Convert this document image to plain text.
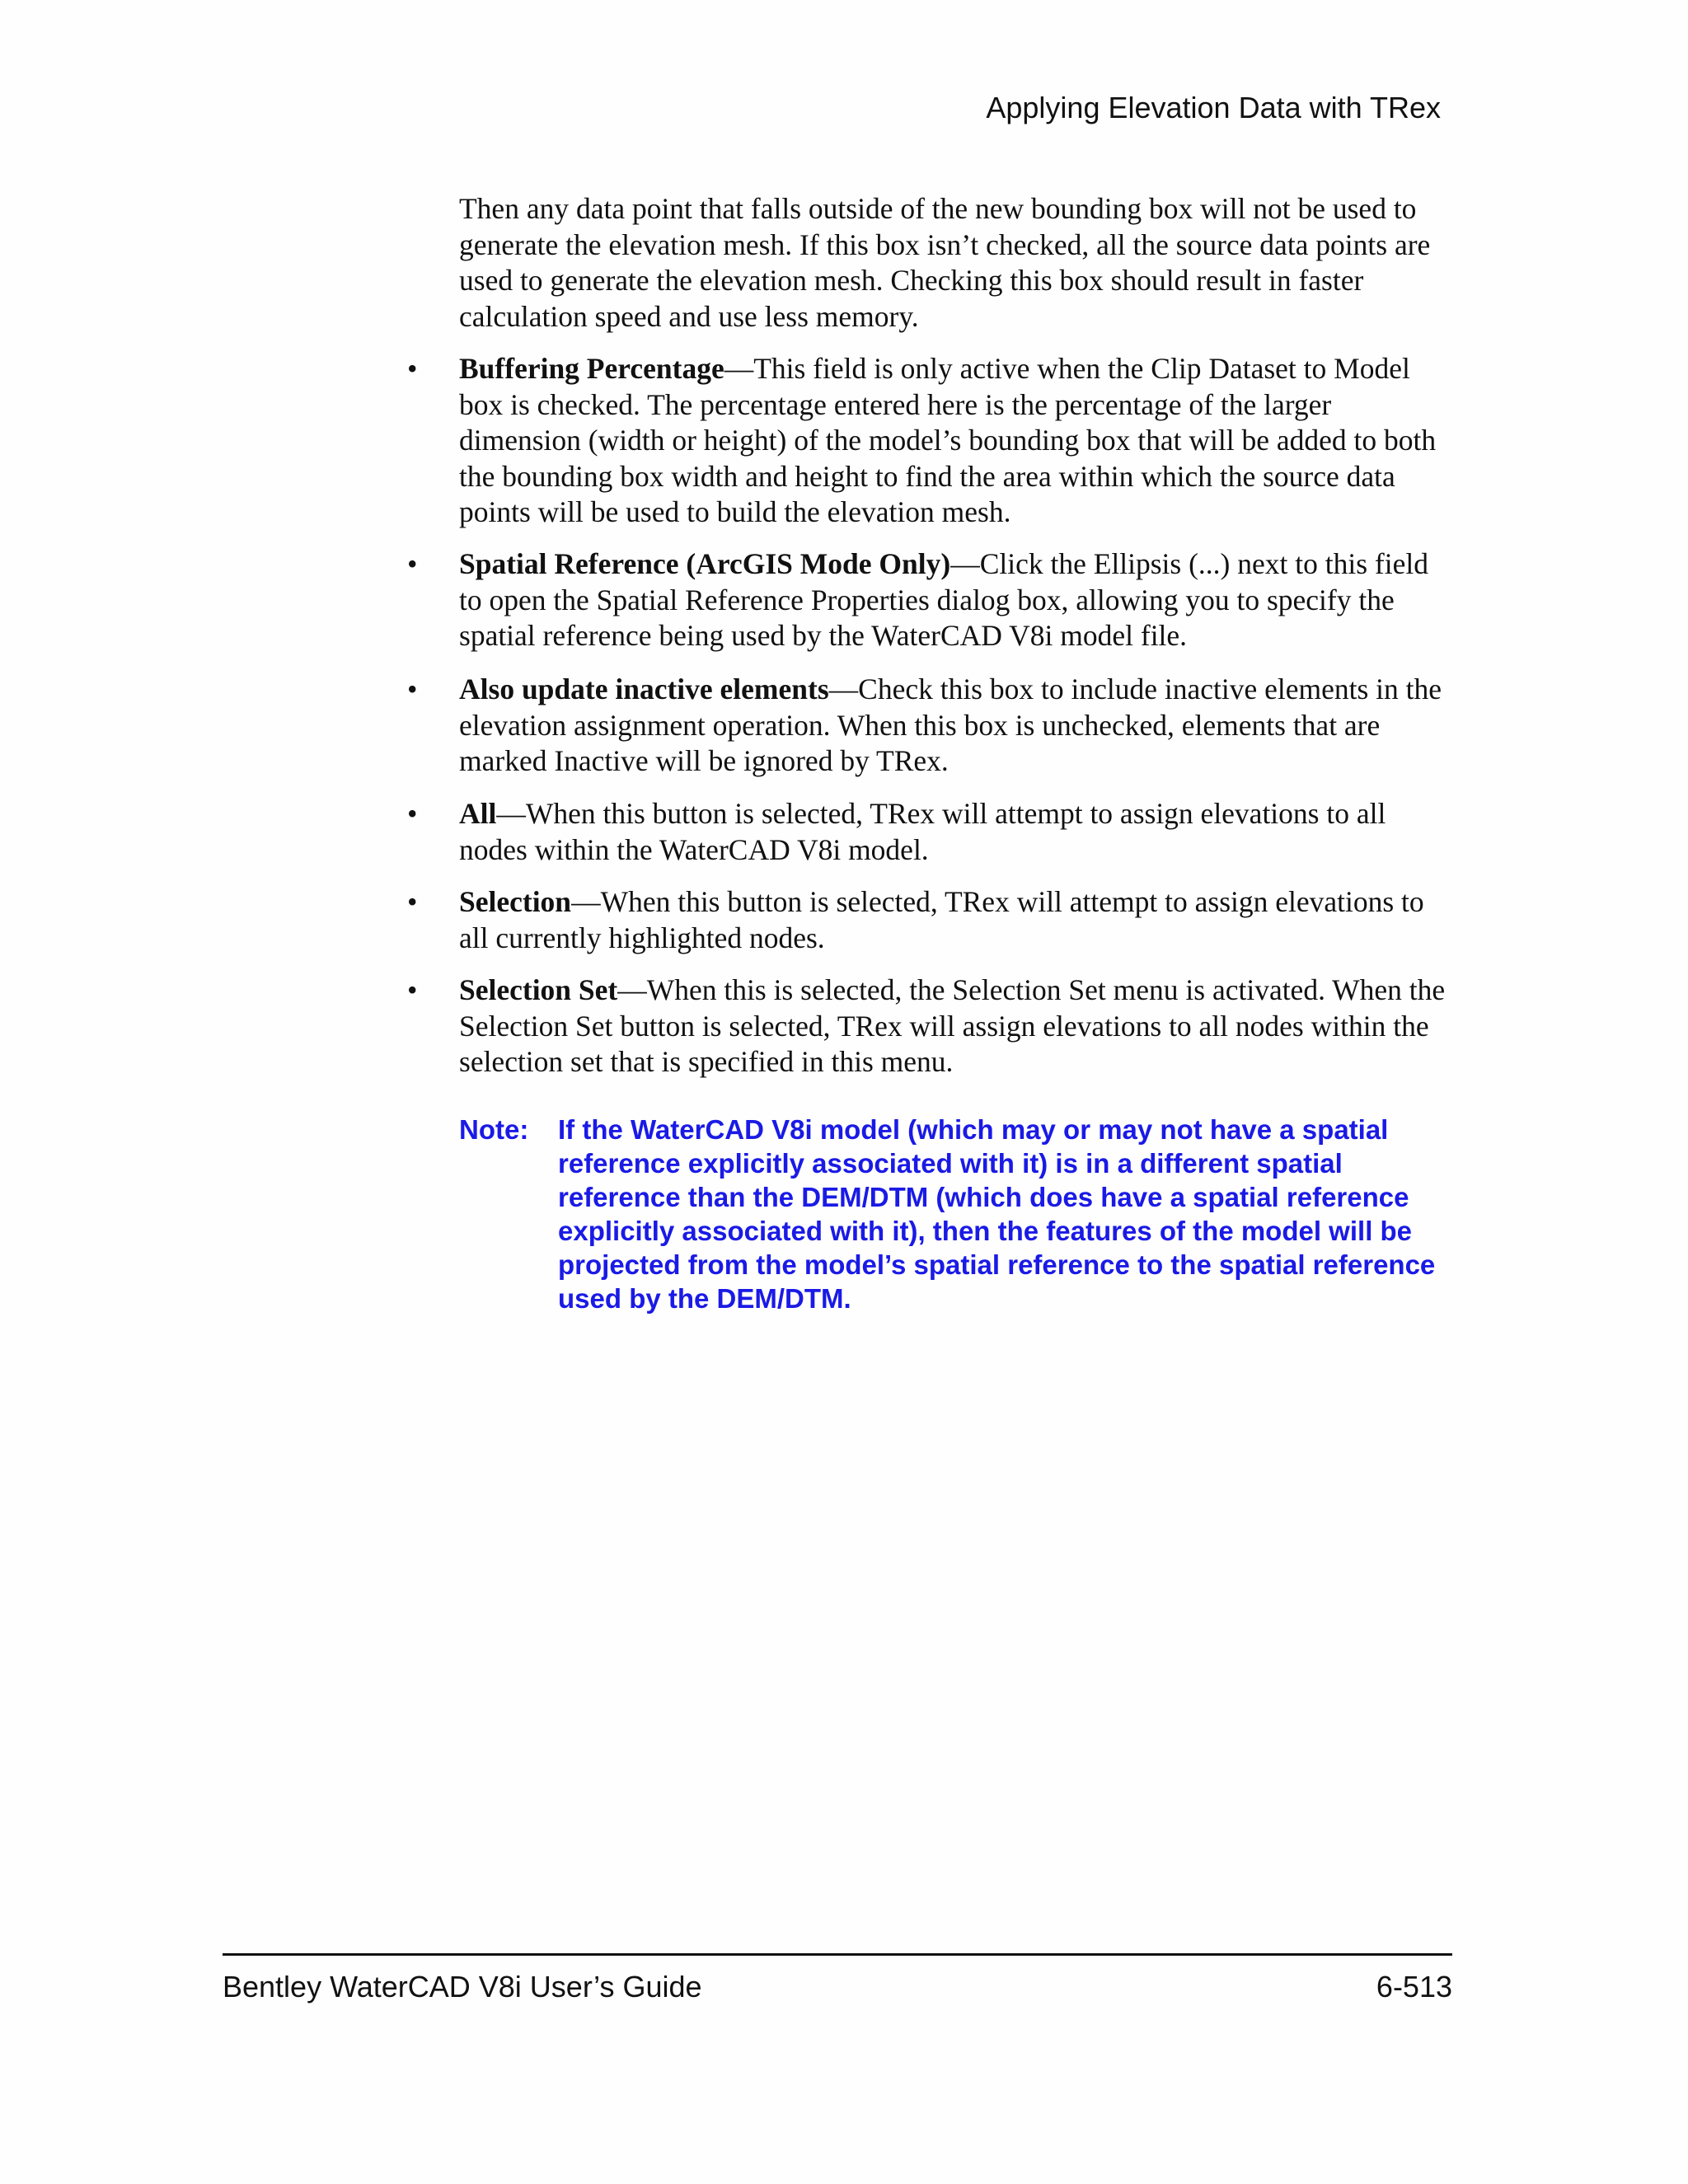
Applying Elevation Data with TRex
Then any data point that falls outside of the new bounding box will not be used to generate the elevation mesh. If this box isn’t checked, all the source data points are used to generate the elevation mesh. Checking this box should result in faster calculation speed and use less memory.
• Buffering Percentage—This field is only active when the Clip Dataset to Model box is checked. The percentage entered here is the percentage of the larger dimension (width or height) of the model’s bounding box that will be added to both the bounding box width and height to find the area within which the source data points will be used to build the elevation mesh.
• Spatial Reference (ArcGIS Mode Only)—Click the Ellipsis (...) next to this field to open the Spatial Reference Properties dialog box, allowing you to specify the spatial reference being used by the WaterCAD V8i model file.
• Also update inactive elements—Check this box to include inactive elements in the elevation assignment operation. When this box is unchecked, elements that are marked Inactive will be ignored by TRex.
• All—When this button is selected, TRex will attempt to assign elevations to all nodes within the WaterCAD V8i model.
• Selection—When this button is selected, TRex will attempt to assign elevations to all currently highlighted nodes.
• Selection Set—When this is selected, the Selection Set menu is activated. When the Selection Set button is selected, TRex will assign elevations to all nodes within the selection set that is specified in this menu.
Note: If the WaterCAD V8i model (which may or may not have a spatial reference explicitly associated with it) is in a different spatial reference than the DEM/DTM (which does have a spatial reference explicitly associated with it), then the features of the model will be projected from the model’s spatial reference to the spatial reference used by the DEM/DTM.
Bentley WaterCAD V8i User’s Guide	6-513
